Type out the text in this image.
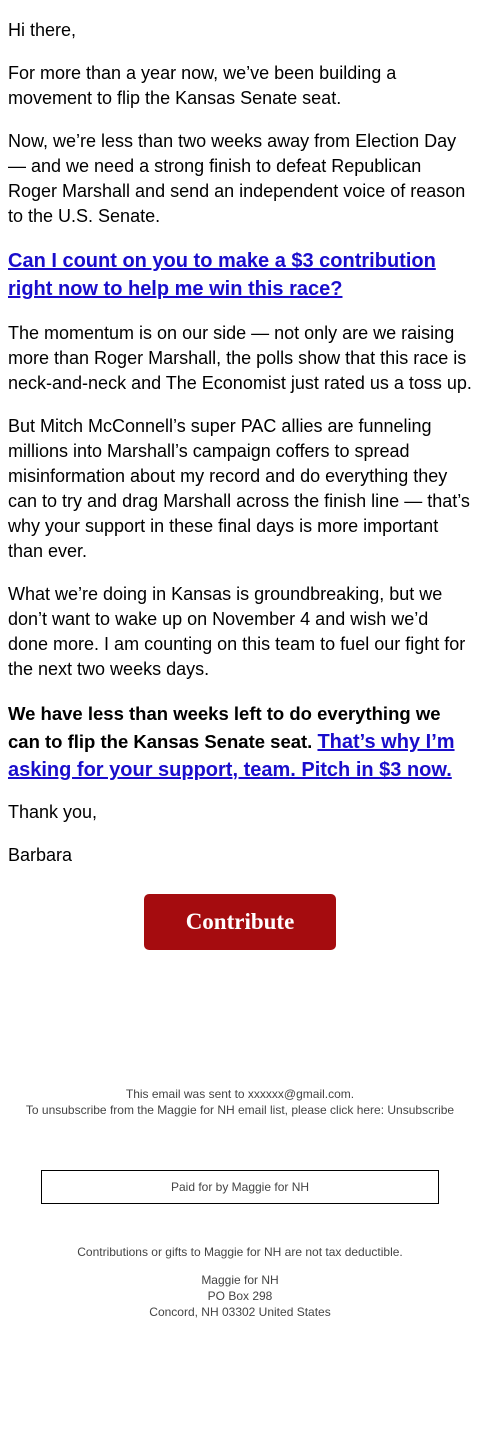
Hi there,

For more than a year now, we’ve been building a movement to flip the Kansas Senate seat.

Now, we’re less than two weeks away from Election Day — and we need a strong finish to defeat Republican Roger Marshall and send an independent voice of reason to the U.S. Senate.

Can I count on you to make a $3 contribution right now to help me win this race?

The momentum is on our side — not only are we raising more than Roger Marshall, the polls show that this race is neck-and-neck and The Economist just rated us a toss up.

But Mitch McConnell’s super PAC allies are funneling millions into Marshall’s campaign coffers to spread misinformation about my record and do everything they can to try and drag Marshall across the finish line — that’s why your support in these final days is more important than ever.

What we’re doing in Kansas is groundbreaking, but we don’t want to wake up on November 4 and wish we’d done more. I am counting on this team to fuel our fight for the next two weeks days.

We have less than weeks left to do everything we can to flip the Kansas Senate seat. That’s why I’m asking for your support, team. Pitch in $3 now.

Thank you,

Barbara

Contribute
This email was sent to xxxxxx@gmail.com.
To unsubscribe from the Maggie for NH email list, please click here: Unsubscribe
Paid for by Maggie for NH
Contributions or gifts to Maggie for NH are not tax deductible.
Maggie for NH
PO Box 298
Concord, NH 03302 United States
